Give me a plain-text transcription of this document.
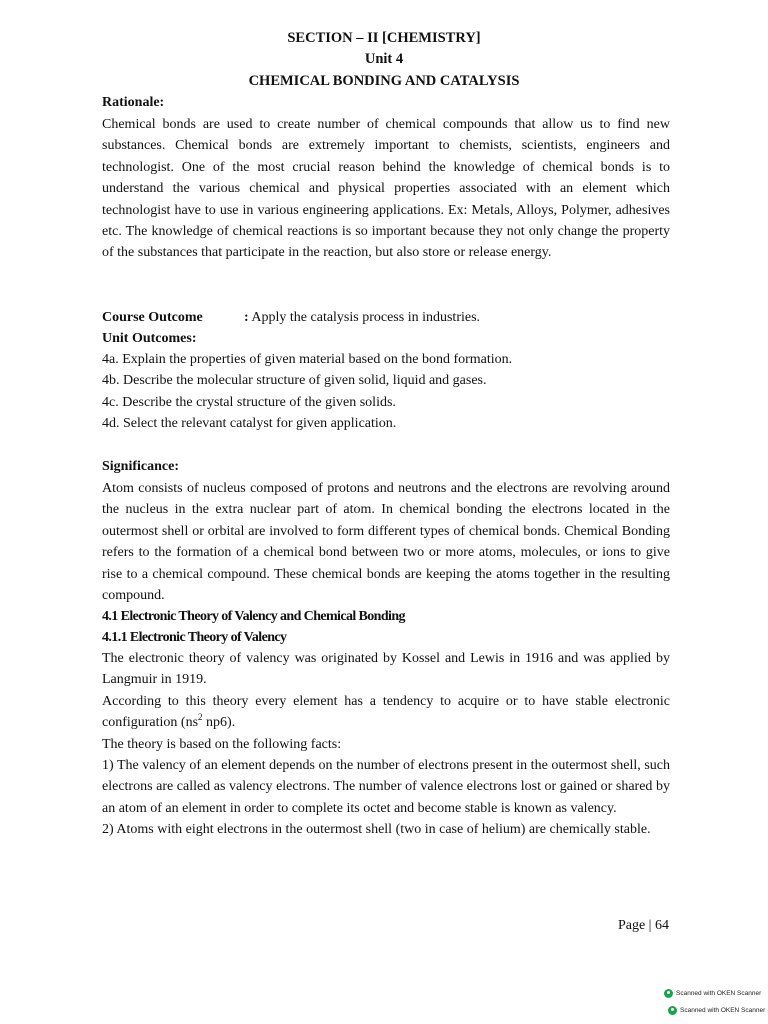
SECTION – II [CHEMISTRY]
Unit 4
CHEMICAL BONDING AND CATALYSIS
Rationale:
Chemical bonds are used to create number of chemical compounds that allow us to find new substances. Chemical bonds are extremely important to chemists, scientists, engineers and technologist. One of the most crucial reason behind the knowledge of chemical bonds is to understand the various chemical and physical properties associated with an element which technologist have to use in various engineering applications. Ex: Metals, Alloys, Polymer, adhesives etc. The knowledge of chemical reactions is so important because they not only change the property of the substances that participate in the reaction, but also store or release energy.
Course Outcome	: Apply the catalysis process in industries.
Unit Outcomes:
4a. Explain the properties of given material based on the bond formation.
4b. Describe the molecular structure of given solid, liquid and gases.
4c. Describe the crystal structure of the given solids.
4d. Select the relevant catalyst for given application.
Significance:
Atom consists of nucleus composed of protons and neutrons and the electrons are revolving around the nucleus in the extra nuclear part of atom. In chemical bonding the electrons located in the outermost shell or orbital are involved to form different types of chemical bonds. Chemical Bonding refers to the formation of a chemical bond between two or more atoms, molecules, or ions to give rise to a chemical compound. These chemical bonds are keeping the atoms together in the resulting compound.
4.1 Electronic Theory of Valency and Chemical Bonding
4.1.1 Electronic Theory of Valency

The electronic theory of valency was originated by Kossel and Lewis in 1916 and was applied by Langmuir in 1919.

According to this theory every element has a tendency to acquire or to have stable electronic configuration ($ns^2$ np6).

The theory is based on the following facts:

1) The valency of an element depends on the number of electrons present in the outermost shell, such electrons are called as valency electrons. The number of valence electrons lost or gained or shared by an atom of an element in order to complete its octet and become stable is known as valency.

2) Atoms with eight electrons in the outermost shell (two in case of helium) are chemically stable.

Page | 64
Scanned with OKEN Scanner
Scanned with OKEN Scanner
